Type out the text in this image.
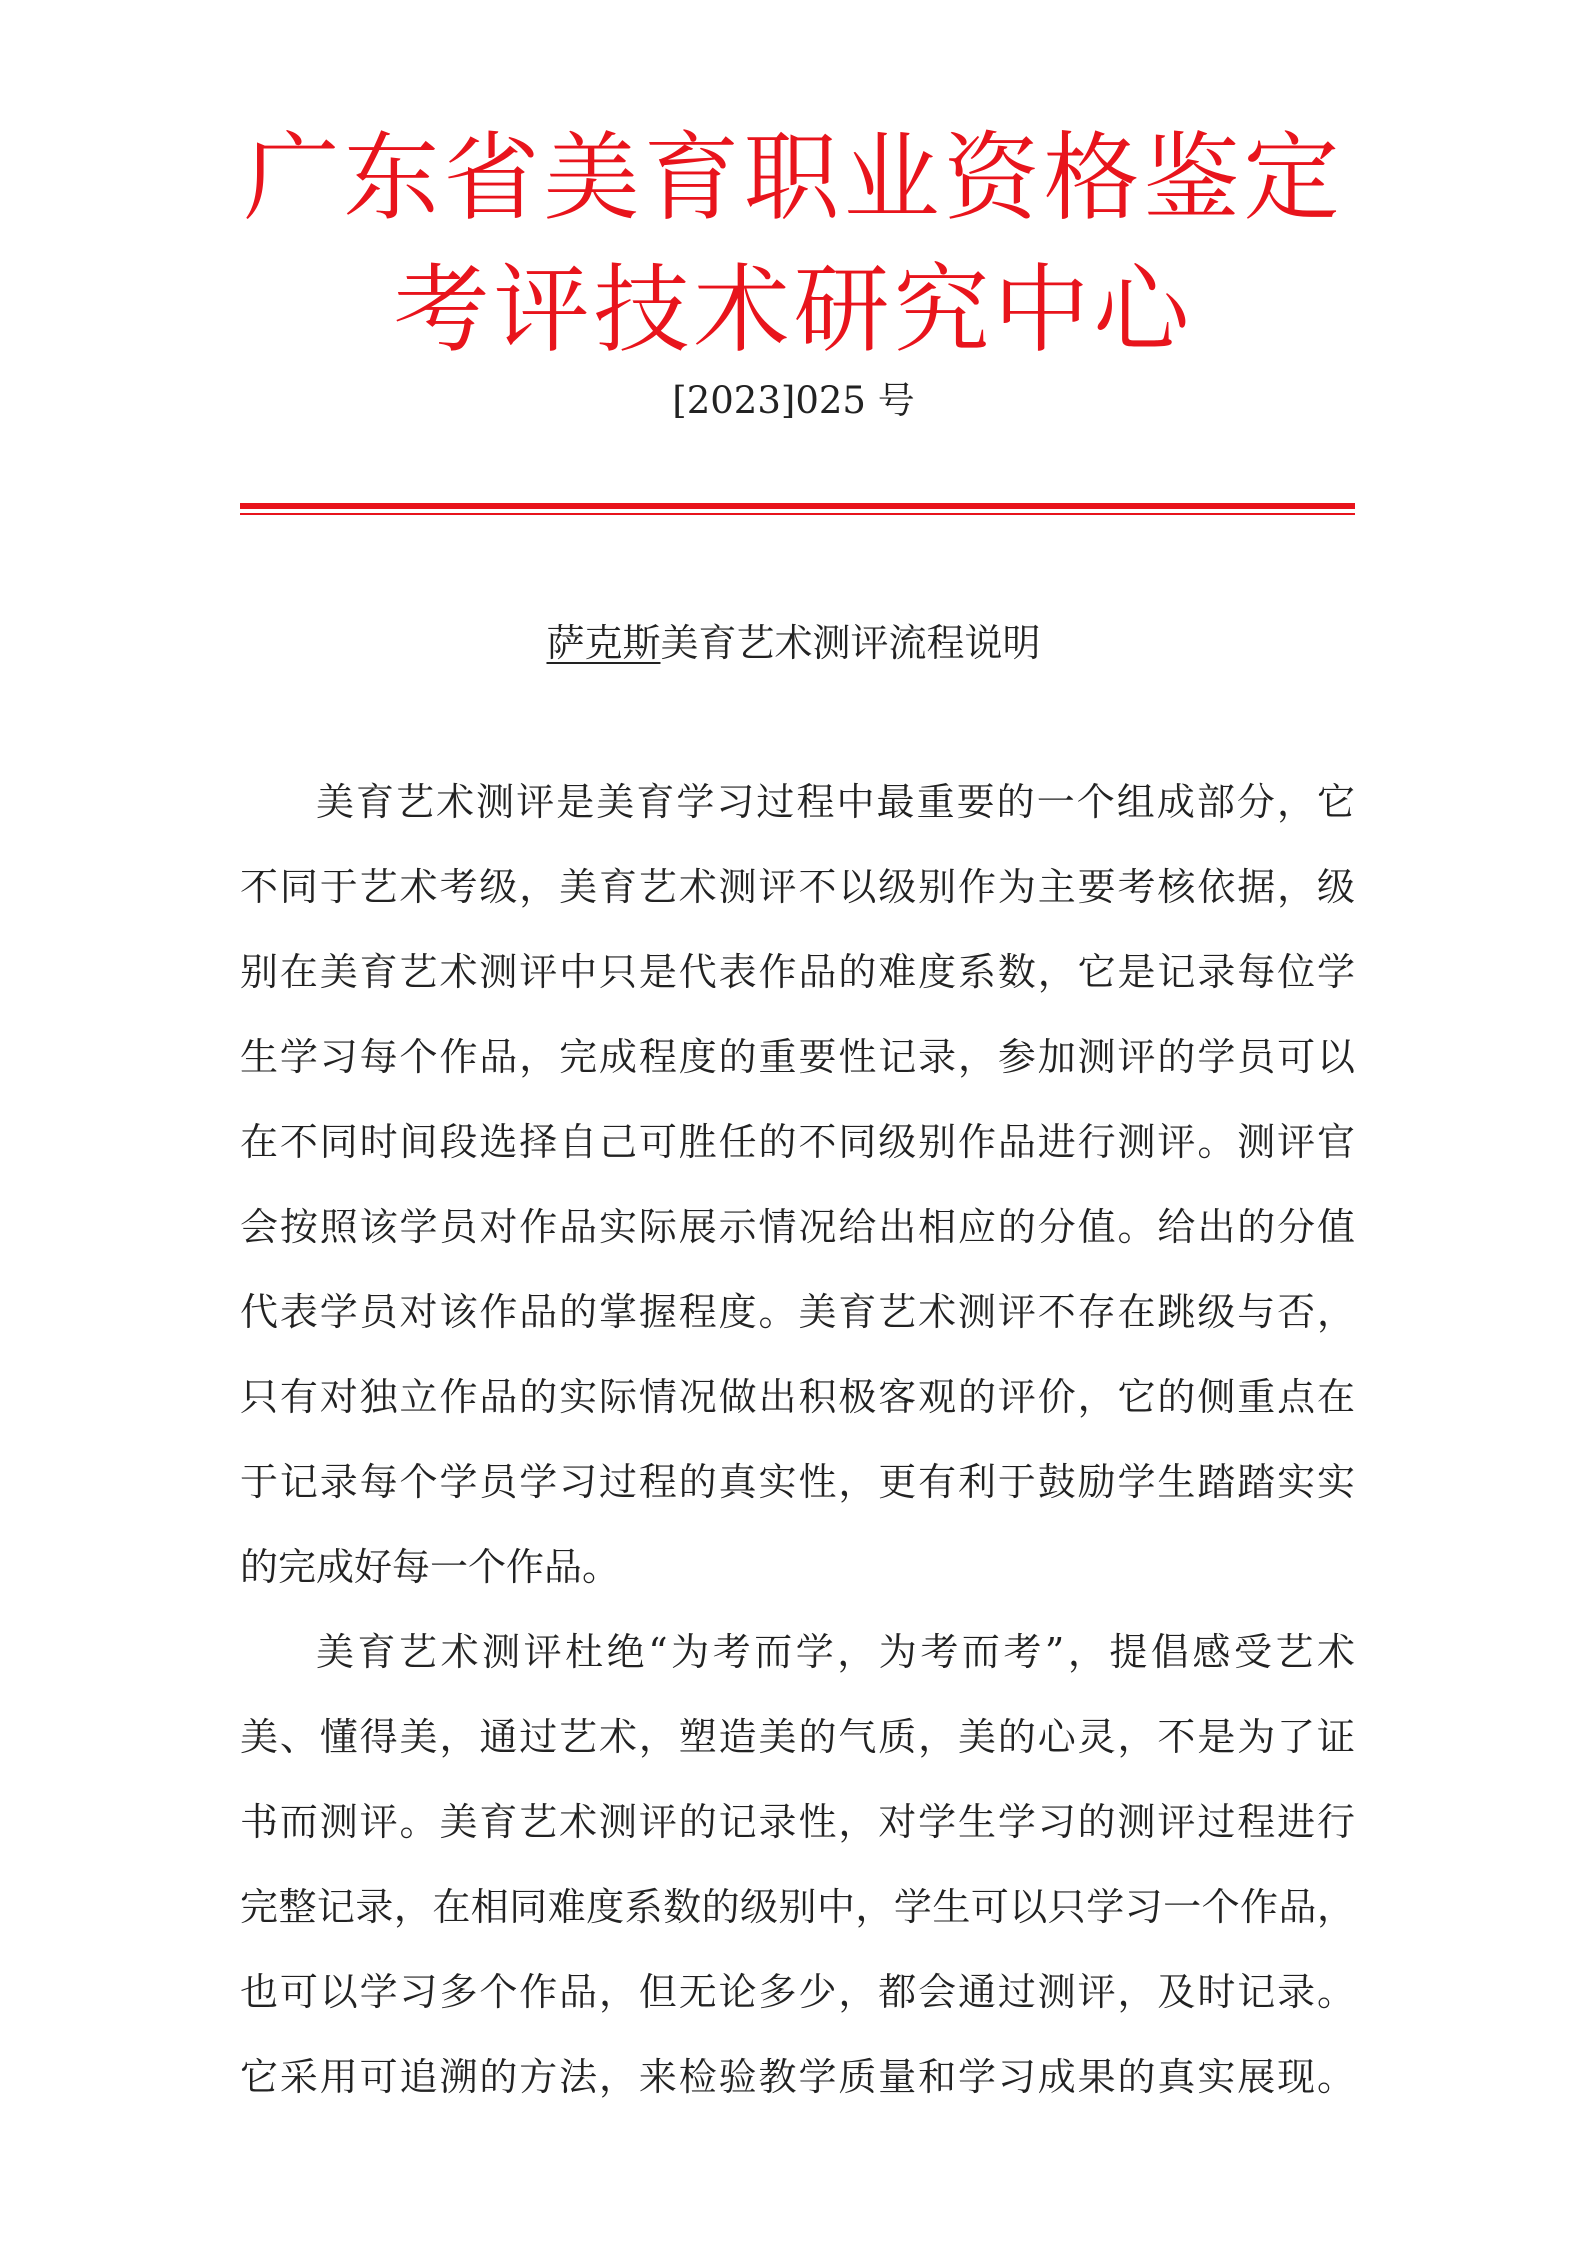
广东省美育职业资格鉴定
考评技术研究中心
[2023]025 号
萨克斯美育艺术测评流程说明
美育艺术测评是美育学习过程中最重要的一个组成部分，它
不同于艺术考级，美育艺术测评不以级别作为主要考核依据，级
别在美育艺术测评中只是代表作品的难度系数，它是记录每位学
生学习每个作品，完成程度的重要性记录，参加测评的学员可以
在不同时间段选择自己可胜任的不同级别作品进行测评。测评官
会按照该学员对作品实际展示情况给出相应的分值。给出的分值
代表学员对该作品的掌握程度。美育艺术测评不存在跳级与否，
只有对独立作品的实际情况做出积极客观的评价，它的侧重点在
于记录每个学员学习过程的真实性，更有利于鼓励学生踏踏实实
的完成好每一个作品。
美育艺术测评杜绝“为考而学，为考而考”，提倡感受艺术
美、懂得美，通过艺术，塑造美的气质，美的心灵，不是为了证
书而测评。美育艺术测评的记录性，对学生学习的测评过程进行
完整记录，在相同难度系数的级别中，学生可以只学习一个作品，
也可以学习多个作品，但无论多少，都会通过测评，及时记录。
它采用可追溯的方法，来检验教学质量和学习成果的真实展现。
